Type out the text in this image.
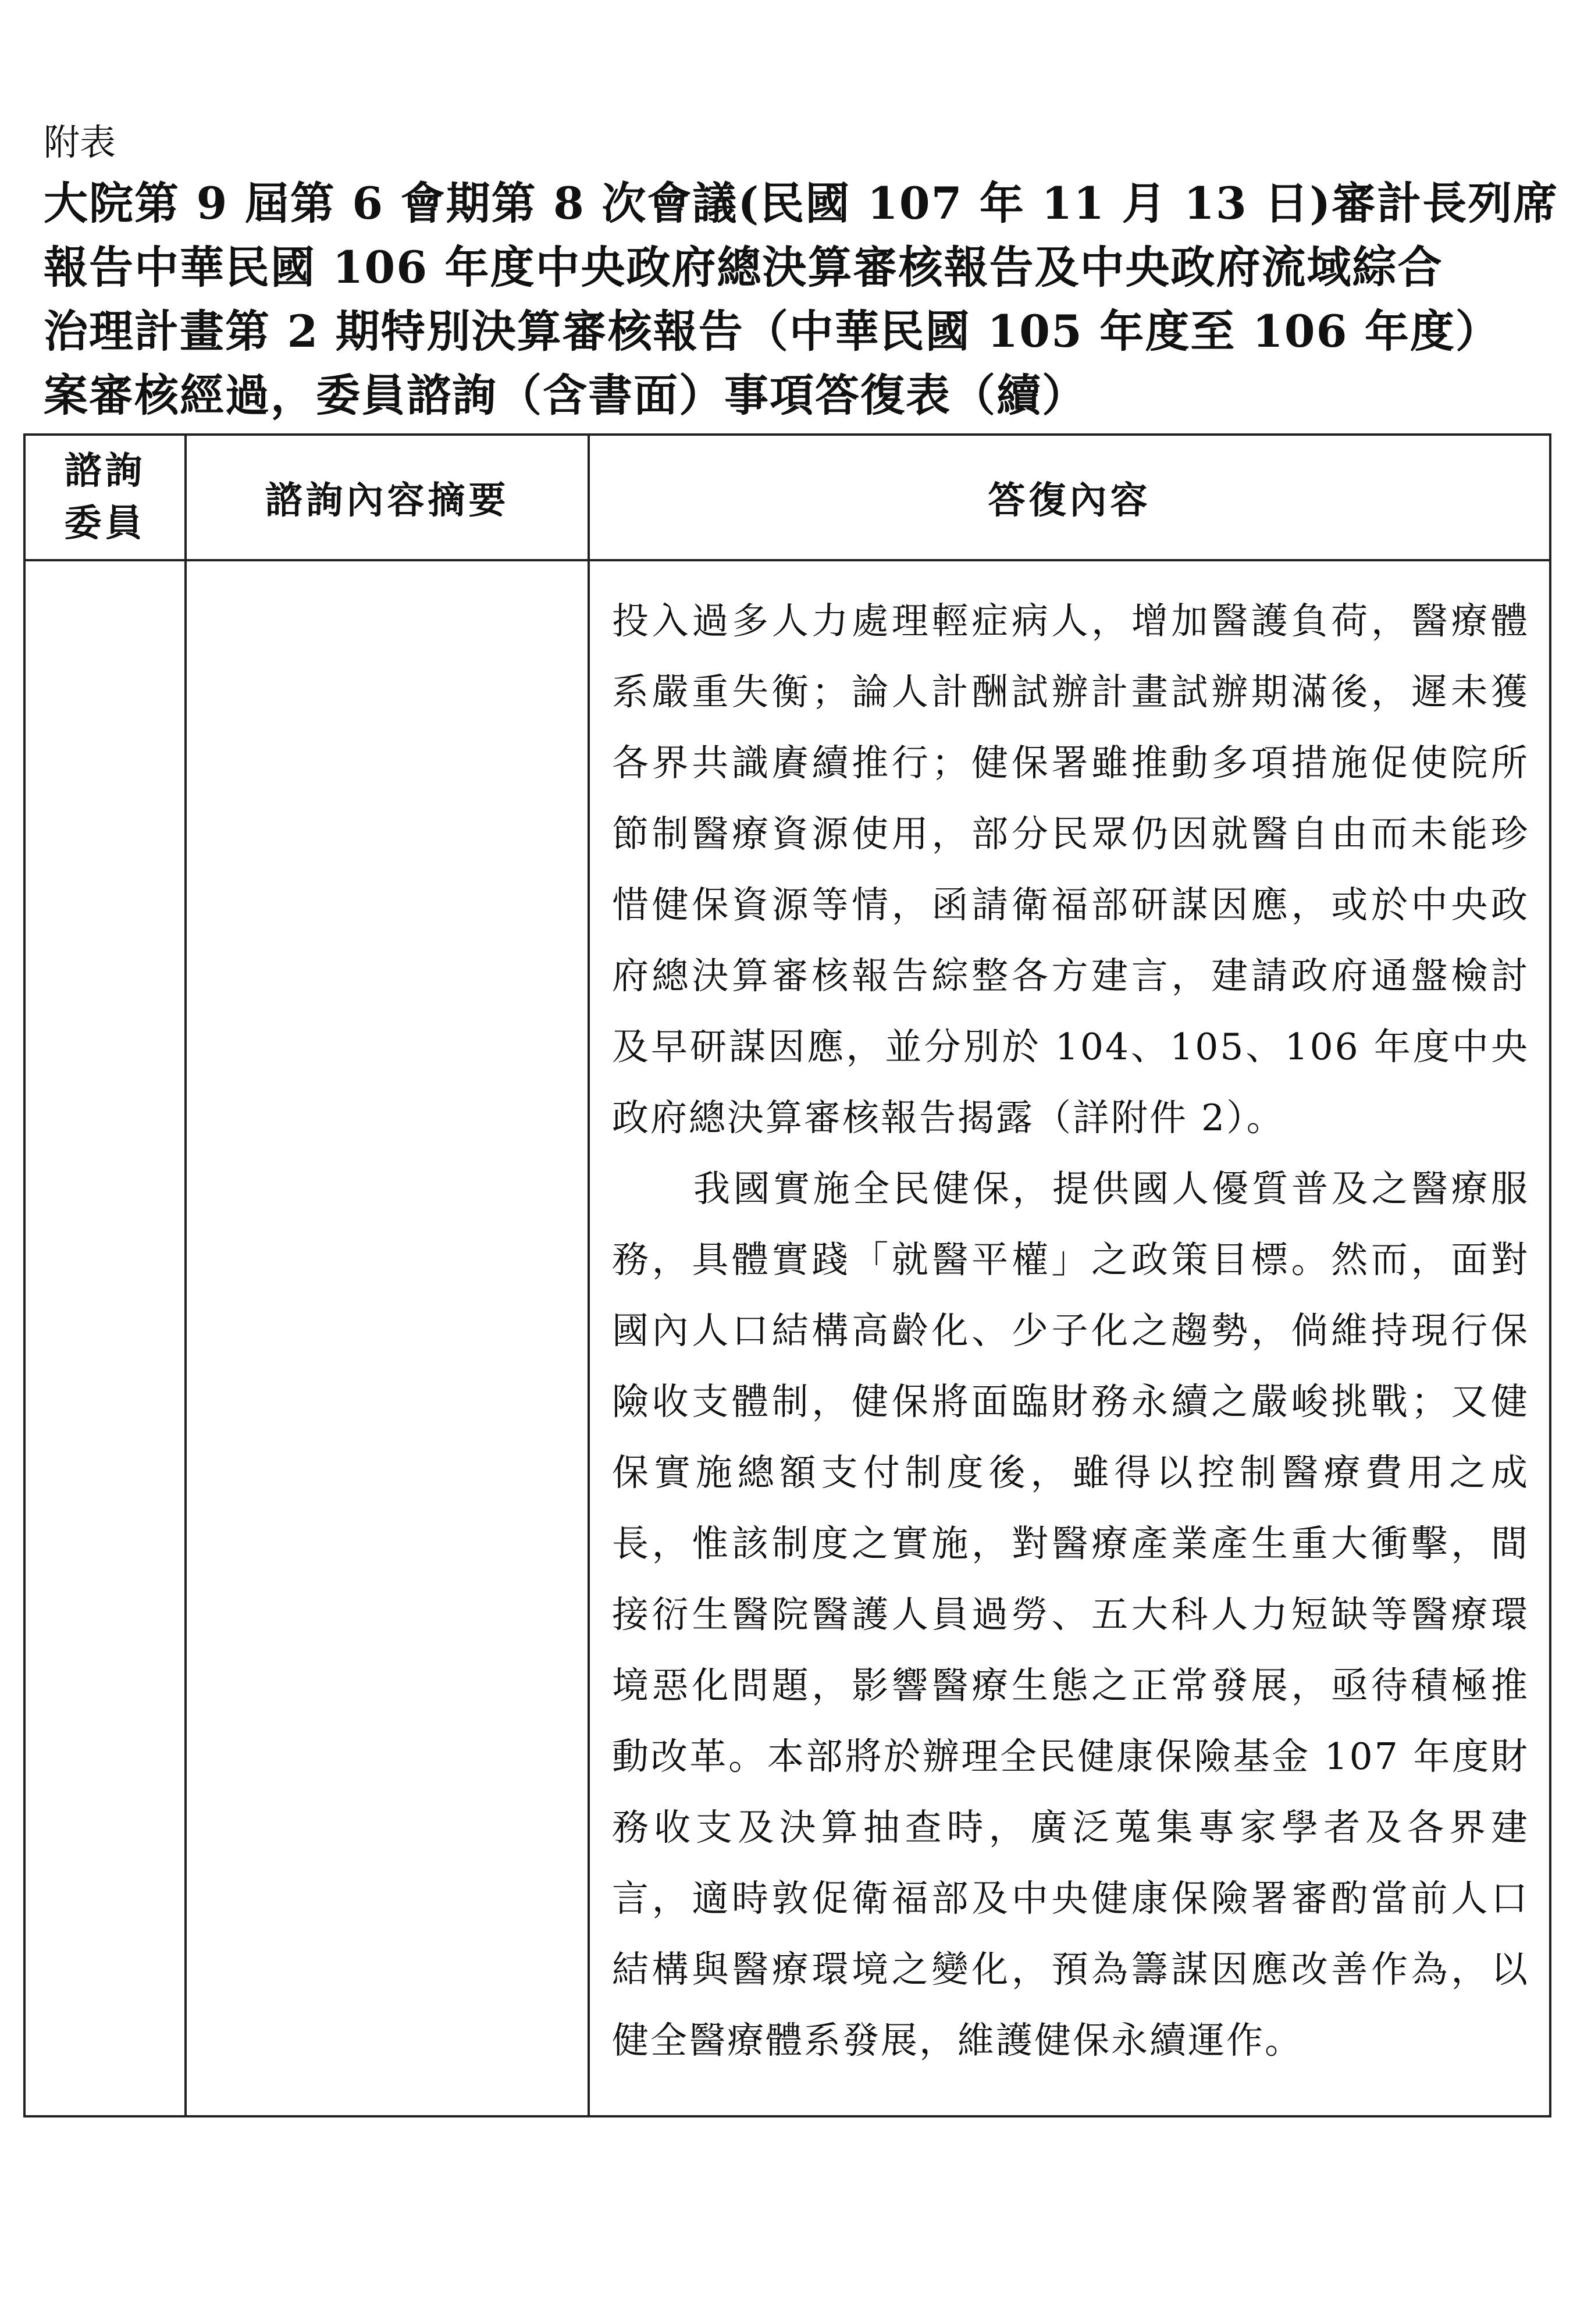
附表
大院第 9 屆第 6 會期第 8 次會議(民國 107 年 11 月 13 日)審計長列席
報告中華民國 106 年度中央政府總決算審核報告及中央政府流域綜合
治理計畫第 2 期特別決算審核報告（中華民國 105 年度至 106 年度）
案審核經過，委員諮詢（含書面）事項答復表（續）
諮詢
委員	諮詢內容摘要	答復內容

		投入過多人力處理輕症病人，增加醫護負荷，醫療體系嚴重失衡；論人計酬試辦計畫試辦期滿後，遲未獲各界共識賡續推行；健保署雖推動多項措施促使院所節制醫療資源使用，部分民眾仍因就醫自由而未能珍惜健保資源等情，函請衛福部研謀因應，或於中央政府總決算審核報告綜整各方建言，建請政府通盤檢討及早研謀因應，並分別於 104、105、106 年度中央政府總決算審核報告揭露（詳附件 2）。

我國實施全民健保，提供國人優質普及之醫療服務，具體實踐「就醫平權」之政策目標。然而，面對國內人口結構高齡化、少子化之趨勢，倘維持現行保險收支體制，健保將面臨財務永續之嚴峻挑戰；又健保實施總額支付制度後，雖得以控制醫療費用之成長，惟該制度之實施，對醫療產業產生重大衝擊，間接衍生醫院醫護人員過勞、五大科人力短缺等醫療環境惡化問題，影響醫療生態之正常發展，亟待積極推動改革。本部將於辦理全民健康保險基金 107 年度財務收支及決算抽查時，廣泛蒐集專家學者及各界建言，適時敦促衛福部及中央健康保險署審酌當前人口結構與醫療環境之變化，預為籌謀因應改善作為，以健全醫療體系發展，維護健保永續運作。
